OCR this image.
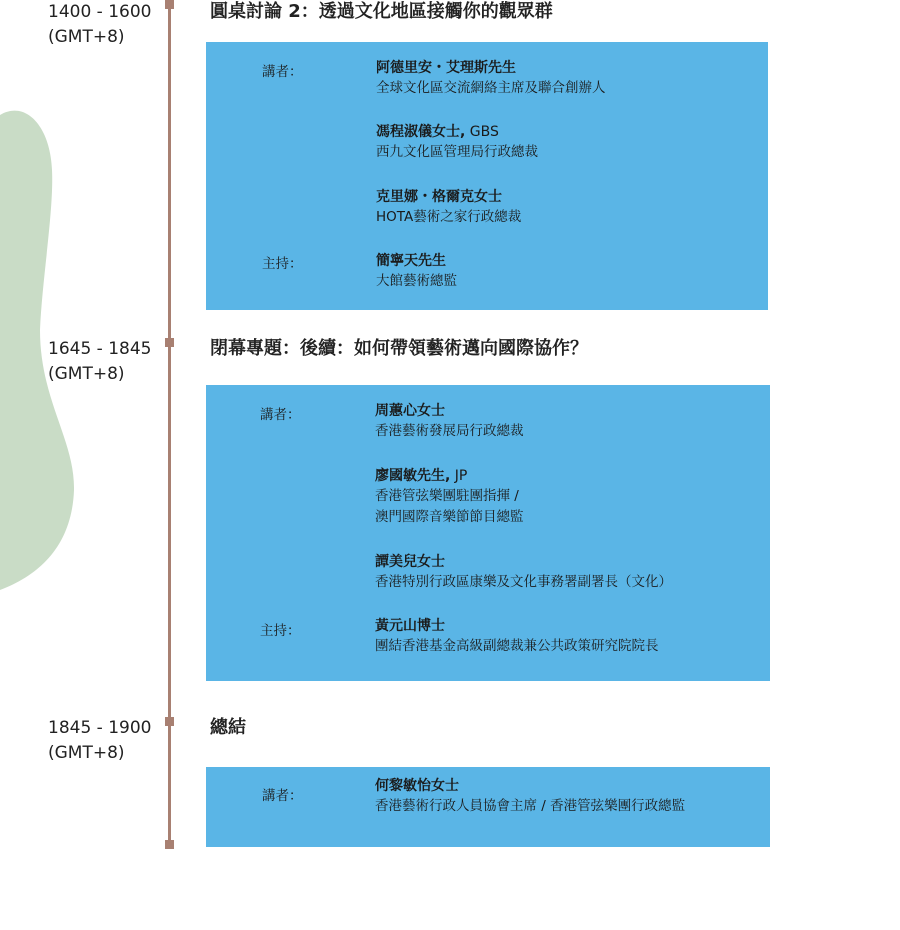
1400 - 1600
(GMT+8)
圓桌討論 2：透過文化地區接觸你的觀眾群
講者：	阿德里安・艾理斯先生
全球文化區交流網絡主席及聯合創辦人
馮程淑儀女士, GBS
西九文化區管理局行政總裁
克里娜・格爾克女士
HOTA藝術之家行政總裁
主持：	簡寧天先生
大館藝術總監
1645 - 1845
(GMT+8)
閉幕專題：後續：如何帶領藝術邁向國際協作？
講者：	周蕙心女士
香港藝術發展局行政總裁
廖國敏先生, JP
香港管弦樂團駐團指揮 /
澳門國際音樂節節目總監
譚美兒女士
香港特別行政區康樂及文化事務署副署長（文化）
主持：	黃元山博士
團結香港基金高級副總裁兼公共政策研究院院長
1845 - 1900
(GMT+8)
總結
講者：
何黎敏怡女士
香港藝術行政人員協會主席 / 香港管弦樂團行政總監
